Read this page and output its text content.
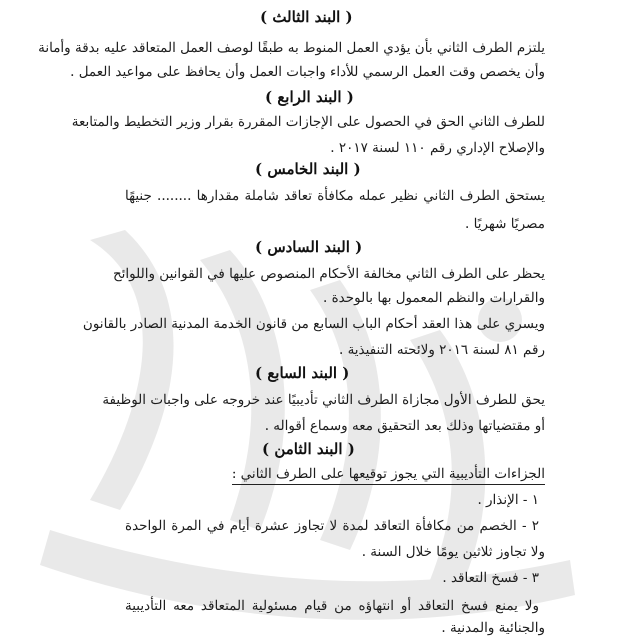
( البند الثالث )
يلتزم الطرف الثاني بأن يؤدي العمل المنوط به طبقًا لوصف العمل المتعاقد عليه بدقة وأمانة
وأن يخصص وقت العمل الرسمي للأداء واجبات العمل وأن يحافظ على مواعيد العمل .
( البند الرابع )
للطرف الثاني الحق في الحصول على الإجازات المقررة بقرار وزير التخطيط والمتابعة
والإصلاح الإداري رقم ١١٠ لسنة ٢٠١٧ .
( البند الخامس )
يستحق الطرف الثاني نظير عمله مكافأة تعاقد شاملة مقدارها ........ جنيهًا
مصريًا شهريًا .
( البند السادس )
يحظر على الطرف الثاني مخالفة الأحكام المنصوص عليها في القوانين واللوائح
والقرارات والنظم المعمول بها بالوحدة .
ويسري على هذا العقد أحكام الباب السابع من قانون الخدمة المدنية الصادر بالقانون
رقم ٨١ لسنة ٢٠١٦ ولائحته التنفيذية .
( البند السابع )
يحق للطرف الأول مجازاة الطرف الثاني تأديبيًا عند خروجه على واجبات الوظيفة
أو مقتضياتها وذلك بعد التحقيق معه وسماع أقواله .
( البند الثامن )
الجزاءات التأديبية التي يجوز توقيعها على الطرف الثاني :
١ - الإنذار .
٢ - الخصم من مكافأة التعاقد لمدة لا تجاوز عشرة أيام في المرة الواحدة
ولا تجاوز ثلاثين يومًا خلال السنة .
٣ - فسخ التعاقد .
ولا يمنع فسخ التعاقد أو انتهاؤه من قيام مسئولية المتعاقد معه التأديبية
والجنائية والمدنية .
